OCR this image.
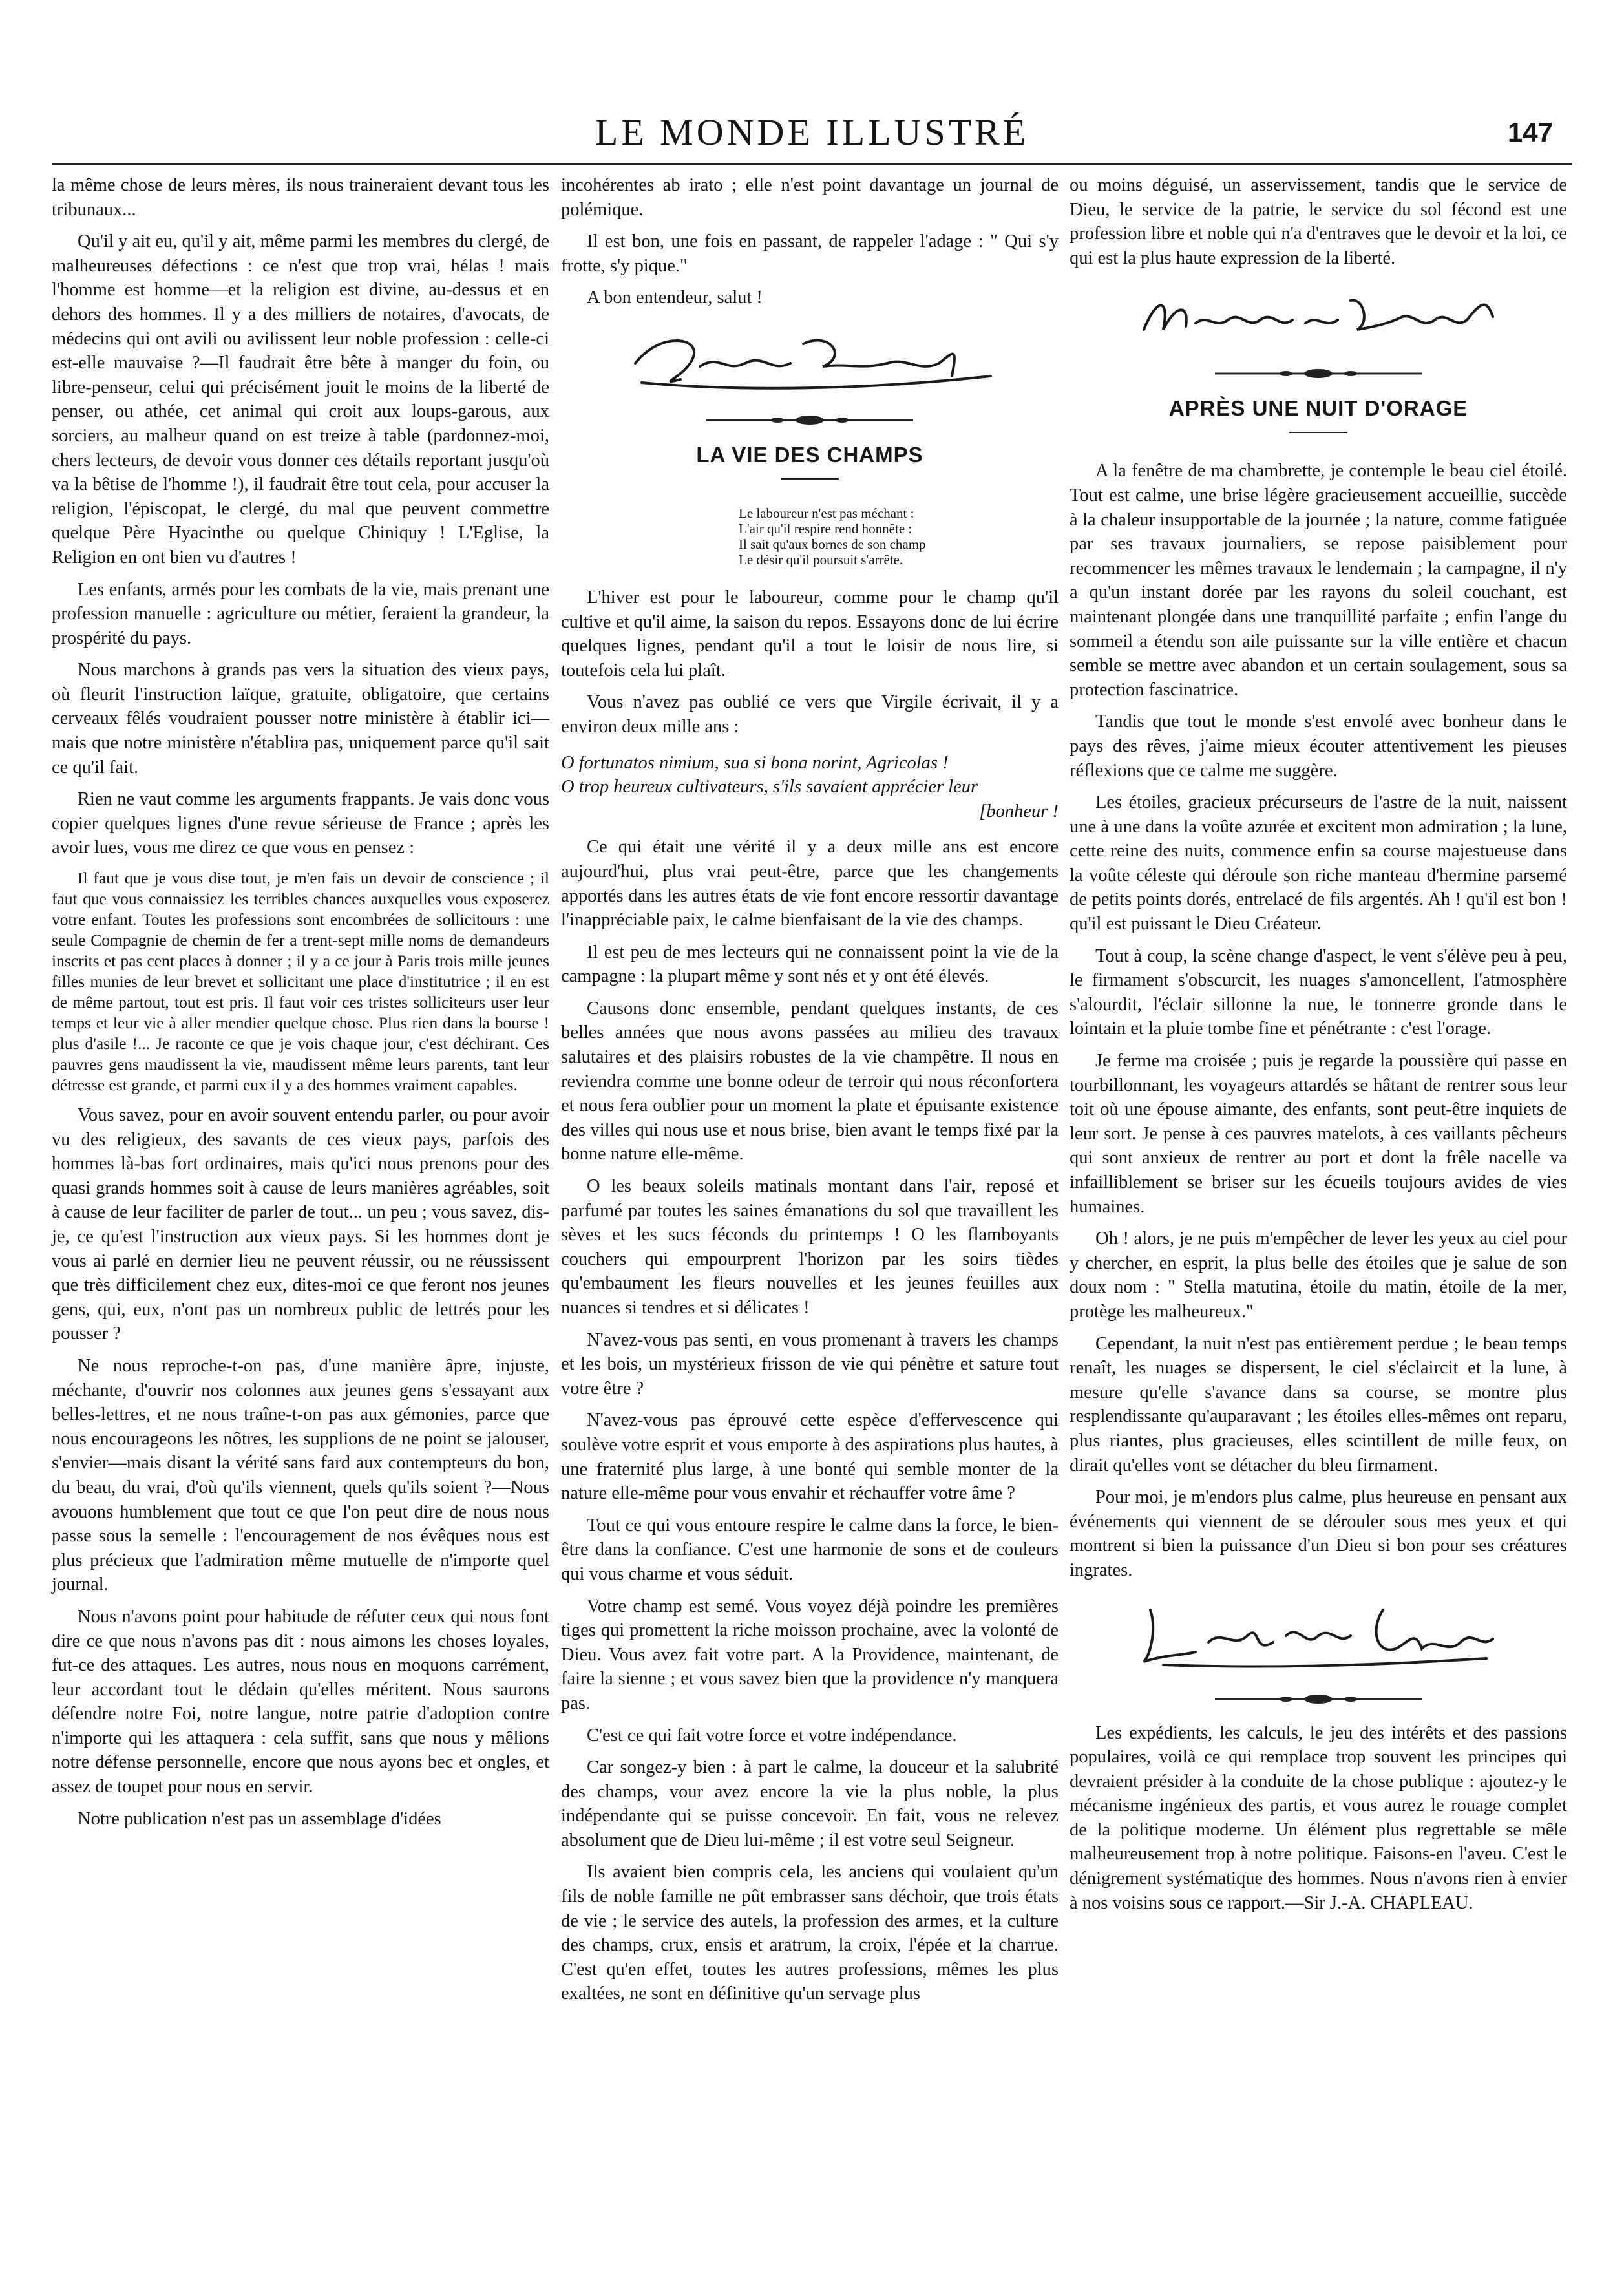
LE MONDE ILLUSTRÉ	147

la même chose de leurs mères, ils nous traineraient devant tous les tribunaux...

Qu'il y ait eu, qu'il y ait, même parmi les membres du clergé, de malheureuses défections : ce n'est que trop vrai, hélas ! mais l'homme est homme—et la religion est divine, au-dessus et en dehors des hommes. Il y a des milliers de notaires, d'avocats, de médecins qui ont avili ou avilissent leur noble profession : celle-ci est-elle mauvaise ?—Il faudrait être bête à manger du foin, ou libre-penseur, celui qui précisément jouit le moins de la liberté de penser, ou athée, cet animal qui croit aux loups-garous, aux sorciers, au malheur quand on est treize à table (pardonnez-moi, chers lecteurs, de devoir vous donner ces détails reportant jusqu'où va la bêtise de l'homme !), il faudrait être tout cela, pour accuser la religion, l'épiscopat, le clergé, du mal que peuvent commettre quelque Père Hyacinthe ou quelque Chiniquy ! L'Eglise, la Religion en ont bien vu d'autres !

Les enfants, armés pour les combats de la vie, mais prenant une profession manuelle : agriculture ou métier, feraient la grandeur, la prospérité du pays.

Nous marchons à grands pas vers la situation des vieux pays, où fleurit l'instruction laïque, gratuite, obligatoire, que certains cerveaux fêlés voudraient pousser notre ministère à établir ici—mais que notre ministère n'établira pas, uniquement parce qu'il sait ce qu'il fait.

Rien ne vaut comme les arguments frappants. Je vais donc vous copier quelques lignes d'une revue sérieuse de France ; après les avoir lues, vous me direz ce que vous en pensez :

Il faut que je vous dise tout, je m'en fais un devoir de conscience ; il faut que vous connaissiez les terribles chances auxquelles vous exposerez votre enfant. Toutes les professions sont encombrées de sollicitours : une seule Compagnie de chemin de fer a trent-sept mille noms de demandeurs inscrits et pas cent places à donner ; il y a ce jour à Paris trois mille jeunes filles munies de leur brevet et sollicitant une place d'institutrice ; il en est de même partout, tout est pris. Il faut voir ces tristes solliciteurs user leur temps et leur vie à aller mendier quelque chose. Plus rien dans la bourse ! plus d'asile !... Je raconte ce que je vois chaque jour, c'est déchirant. Ces pauvres gens maudissent la vie, maudissent même leurs parents, tant leur détresse est grande, et parmi eux il y a des hommes vraiment capables.

Vous savez, pour en avoir souvent entendu parler, ou pour avoir vu des religieux, des savants de ces vieux pays, parfois des hommes là-bas fort ordinaires, mais qu'ici nous prenons pour des quasi grands hommes soit à cause de leurs manières agréables, soit à cause de leur faciliter de parler de tout... un peu ; vous savez, dis-je, ce qu'est l'instruction aux vieux pays. Si les hommes dont je vous ai parlé en dernier lieu ne peuvent réussir, ou ne réussissent que très difficilement chez eux, dites-moi ce que feront nos jeunes gens, qui, eux, n'ont pas un nombreux public de lettrés pour les pousser ?

Ne nous reproche-t-on pas, d'une manière âpre, injuste, méchante, d'ouvrir nos colonnes aux jeunes gens s'essayant aux belles-lettres, et ne nous traîne-t-on pas aux gémonies, parce que nous encourageons les nôtres, les supplions de ne point se jalouser, s'envier—mais disant la vérité sans fard aux contempteurs du bon, du beau, du vrai, d'où qu'ils viennent, quels qu'ils soient ?—Nous avouons humblement que tout ce que l'on peut dire de nous nous passe sous la semelle : l'encouragement de nos évêques nous est plus précieux que l'admiration même mutuelle de n'importe quel journal.

Nous n'avons point pour habitude de réfuter ceux qui nous font dire ce que nous n'avons pas dit : nous aimons les choses loyales, fut-ce des attaques. Les autres, nous nous en moquons carrément, leur accordant tout le dédain qu'elles méritent. Nous saurons défendre notre Foi, notre langue, notre patrie d'adoption contre n'importe qui les attaquera : cela suffit, sans que nous y mêlions notre défense personnelle, encore que nous ayons bec et ongles, et assez de toupet pour nous en servir.

Notre publication n'est pas un assemblage d'idées

incohérentes ab irato ; elle n'est point davantage un journal de polémique.

Il est bon, une fois en passant, de rappeler l'adage : " Qui s'y frotte, s'y pique."

A bon entendeur, salut !

LA VIE DES CHAMPS

Le laboureur n'est pas méchant :
L'air qu'il respire rend honnête :
Il sait qu'aux bornes de son champ
Le désir qu'il poursuit s'arrête.

L'hiver est pour le laboureur, comme pour le champ qu'il cultive et qu'il aime, la saison du repos. Essayons donc de lui écrire quelques lignes, pendant qu'il a tout le loisir de nous lire, si toutefois cela lui plaît.

Vous n'avez pas oublié ce vers que Virgile écrivait, il y a environ deux mille ans :

O fortunatos nimium, sua si bona norint, Agricolas !
O trop heureux cultivateurs, s'ils savaient apprécier leur
[bonheur !

Ce qui était une vérité il y a deux mille ans est encore aujourd'hui, plus vrai peut-être, parce que les changements apportés dans les autres états de vie font encore ressortir davantage l'inappréciable paix, le calme bienfaisant de la vie des champs.

Il est peu de mes lecteurs qui ne connaissent point la vie de la campagne : la plupart même y sont nés et y ont été élevés.

Causons donc ensemble, pendant quelques instants, de ces belles années que nous avons passées au milieu des travaux salutaires et des plaisirs robustes de la vie champêtre. Il nous en reviendra comme une bonne odeur de terroir qui nous réconfortera et nous fera oublier pour un moment la plate et épuisante existence des villes qui nous use et nous brise, bien avant le temps fixé par la bonne nature elle-même.

O les beaux soleils matinals montant dans l'air, reposé et parfumé par toutes les saines émanations du sol que travaillent les sèves et les sucs féconds du printemps ! O les flamboyants couchers qui empourprent l'horizon par les soirs tièdes qu'embaument les fleurs nouvelles et les jeunes feuilles aux nuances si tendres et si délicates !

N'avez-vous pas senti, en vous promenant à travers les champs et les bois, un mystérieux frisson de vie qui pénètre et sature tout votre être ?

N'avez-vous pas éprouvé cette espèce d'effervescence qui soulève votre esprit et vous emporte à des aspirations plus hautes, à une fraternité plus large, à une bonté qui semble monter de la nature elle-même pour vous envahir et réchauffer votre âme ?

Tout ce qui vous entoure respire le calme dans la force, le bien-être dans la confiance. C'est une harmonie de sons et de couleurs qui vous charme et vous séduit.

Votre champ est semé. Vous voyez déjà poindre les premières tiges qui promettent la riche moisson prochaine, avec la volonté de Dieu. Vous avez fait votre part. A la Providence, maintenant, de faire la sienne ; et vous savez bien que la providence n'y manquera pas.

C'est ce qui fait votre force et votre indépendance.

Car songez-y bien : à part le calme, la douceur et la salubrité des champs, vour avez encore la vie la plus noble, la plus indépendante qui se puisse concevoir. En fait, vous ne relevez absolument que de Dieu lui-même ; il est votre seul Seigneur.

Ils avaient bien compris cela, les anciens qui voulaient qu'un fils de noble famille ne pût embrasser sans déchoir, que trois états de vie ; le service des autels, la profession des armes, et la culture des champs, crux, ensis et aratrum, la croix, l'épée et la charrue. C'est qu'en effet, toutes les autres professions, mêmes les plus exaltées, ne sont en définitive qu'un servage plus

ou moins déguisé, un asservissement, tandis que le service de Dieu, le service de la patrie, le service du sol fécond est une profession libre et noble qui n'a d'entraves que le devoir et la loi, ce qui est la plus haute expression de la liberté.

APRÈS UNE NUIT D'ORAGE

A la fenêtre de ma chambrette, je contemple le beau ciel étoilé. Tout est calme, une brise légère gracieusement accueillie, succède à la chaleur insupportable de la journée ; la nature, comme fatiguée par ses travaux journaliers, se repose paisiblement pour recommencer les mêmes travaux le lendemain ; la campagne, il n'y a qu'un instant dorée par les rayons du soleil couchant, est maintenant plongée dans une tranquillité parfaite ; enfin l'ange du sommeil a étendu son aile puissante sur la ville entière et chacun semble se mettre avec abandon et un certain soulagement, sous sa protection fascinatrice.

Tandis que tout le monde s'est envolé avec bonheur dans le pays des rêves, j'aime mieux écouter attentivement les pieuses réflexions que ce calme me suggère.

Les étoiles, gracieux précurseurs de l'astre de la nuit, naissent une à une dans la voûte azurée et excitent mon admiration ; la lune, cette reine des nuits, commence enfin sa course majestueuse dans la voûte céleste qui déroule son riche manteau d'hermine parsemé de petits points dorés, entrelacé de fils argentés. Ah ! qu'il est bon ! qu'il est puissant le Dieu Créateur.

Tout à coup, la scène change d'aspect, le vent s'élève peu à peu, le firmament s'obscurcit, les nuages s'amoncellent, l'atmosphère s'alourdit, l'éclair sillonne la nue, le tonnerre gronde dans le lointain et la pluie tombe fine et pénétrante : c'est l'orage.

Je ferme ma croisée ; puis je regarde la poussière qui passe en tourbillonnant, les voyageurs attardés se hâtant de rentrer sous leur toit où une épouse aimante, des enfants, sont peut-être inquiets de leur sort. Je pense à ces pauvres matelots, à ces vaillants pêcheurs qui sont anxieux de rentrer au port et dont la frêle nacelle va infailliblement se briser sur les écueils toujours avides de vies humaines.

Oh ! alors, je ne puis m'empêcher de lever les yeux au ciel pour y chercher, en esprit, la plus belle des étoiles que je salue de son doux nom : " Stella matutina, étoile du matin, étoile de la mer, protège les malheureux."

Cependant, la nuit n'est pas entièrement perdue ; le beau temps renaît, les nuages se dispersent, le ciel s'éclaircit et la lune, à mesure qu'elle s'avance dans sa course, se montre plus resplendissante qu'auparavant ; les étoiles elles-mêmes ont reparu, plus riantes, plus gracieuses, elles scintillent de mille feux, on dirait qu'elles vont se détacher du bleu firmament.

Pour moi, je m'endors plus calme, plus heureuse en pensant aux événements qui viennent de se dérouler sous mes yeux et qui montrent si bien la puissance d'un Dieu si bon pour ses créatures ingrates.

Les expédients, les calculs, le jeu des intérêts et des passions populaires, voilà ce qui remplace trop souvent les principes qui devraient présider à la conduite de la chose publique : ajoutez-y le mécanisme ingénieux des partis, et vous aurez le rouage complet de la politique moderne. Un élément plus regrettable se mêle malheureusement trop à notre politique. Faisons-en l'aveu. C'est le dénigrement systématique des hommes. Nous n'avons rien à envier à nos voisins sous ce rapport.—Sir J.-A. CHAPLEAU.
